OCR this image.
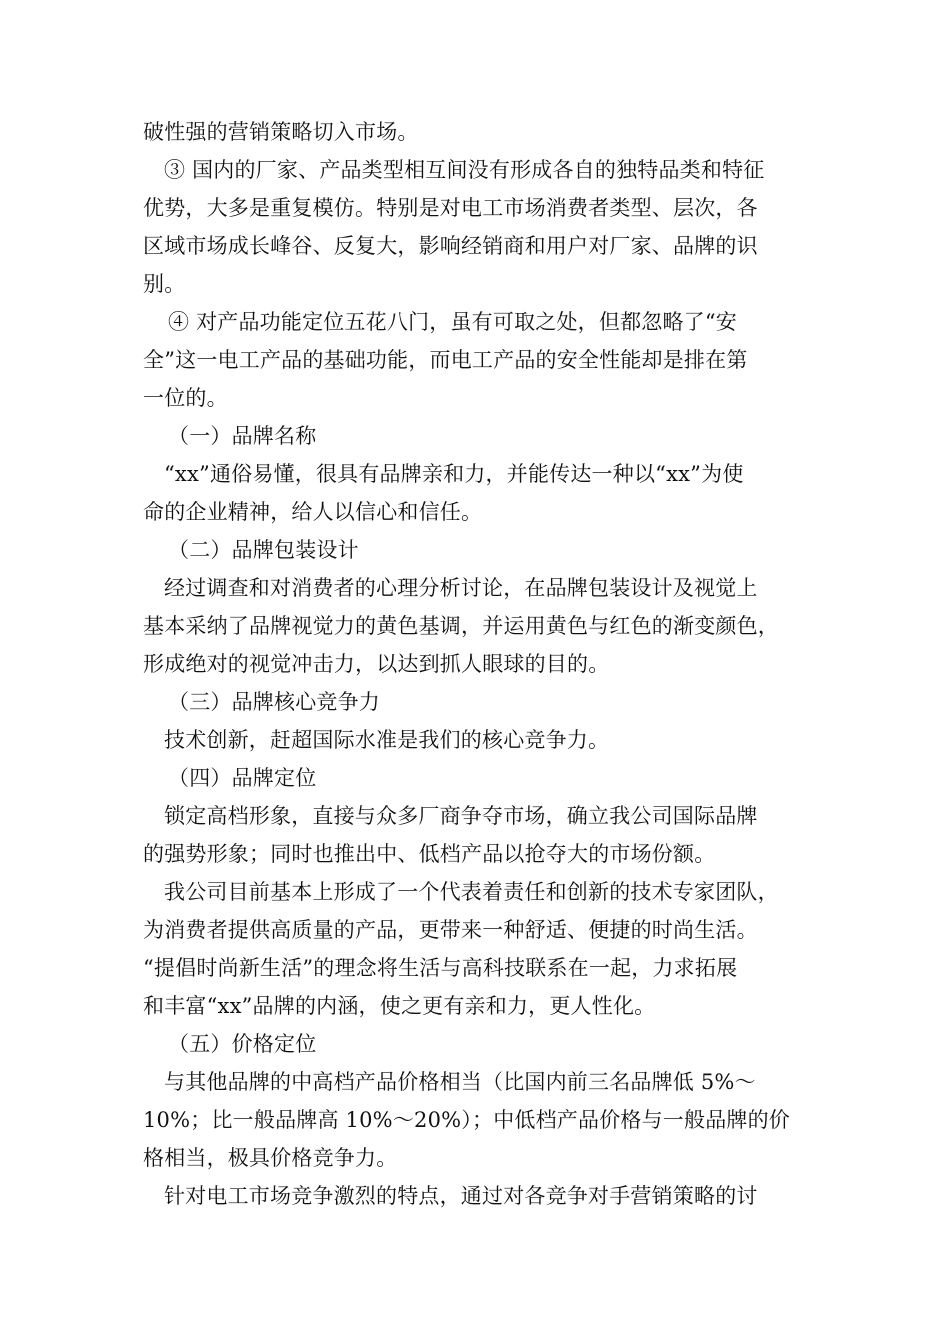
破性强的营销策略切入市场。
③ 国内的厂家、产品类型相互间没有形成各自的独特品类和特征
优势，大多是重复模仿。特别是对电工市场消费者类型、层次，各
区域市场成长峰谷、反复大，影响经销商和用户对厂家、品牌的识
别。
④ 对产品功能定位五花八门，虽有可取之处，但都忽略了“安
全”这一电工产品的基础功能，而电工产品的安全性能却是排在第
一位的。
（一）品牌名称
“xx”通俗易懂，很具有品牌亲和力，并能传达一种以“xx”为使
命的企业精神，给人以信心和信任。
（二）品牌包装设计
经过调查和对消费者的心理分析讨论，在品牌包装设计及视觉上
基本采纳了品牌视觉力的黄色基调，并运用黄色与红色的渐变颜色，
形成绝对的视觉冲击力，以达到抓人眼球的目的。
（三）品牌核心竞争力
技术创新，赶超国际水准是我们的核心竞争力。
（四）品牌定位
锁定高档形象，直接与众多厂商争夺市场，确立我公司国际品牌
的强势形象；同时也推出中、低档产品以抢夺大的市场份额。
我公司目前基本上形成了一个代表着责任和创新的技术专家团队，
为消费者提供高质量的产品，更带来一种舒适、便捷的时尚生活。
“提倡时尚新生活”的理念将生活与高科技联系在一起，力求拓展
和丰富“xx”品牌的内涵，使之更有亲和力，更人性化。
（五）价格定位
与其他品牌的中高档产品价格相当（比国内前三名品牌低 5%～
10%；比一般品牌高 10%～20%）；中低档产品价格与一般品牌的价
格相当，极具价格竞争力。
针对电工市场竞争激烈的特点，通过对各竞争对手营销策略的讨
